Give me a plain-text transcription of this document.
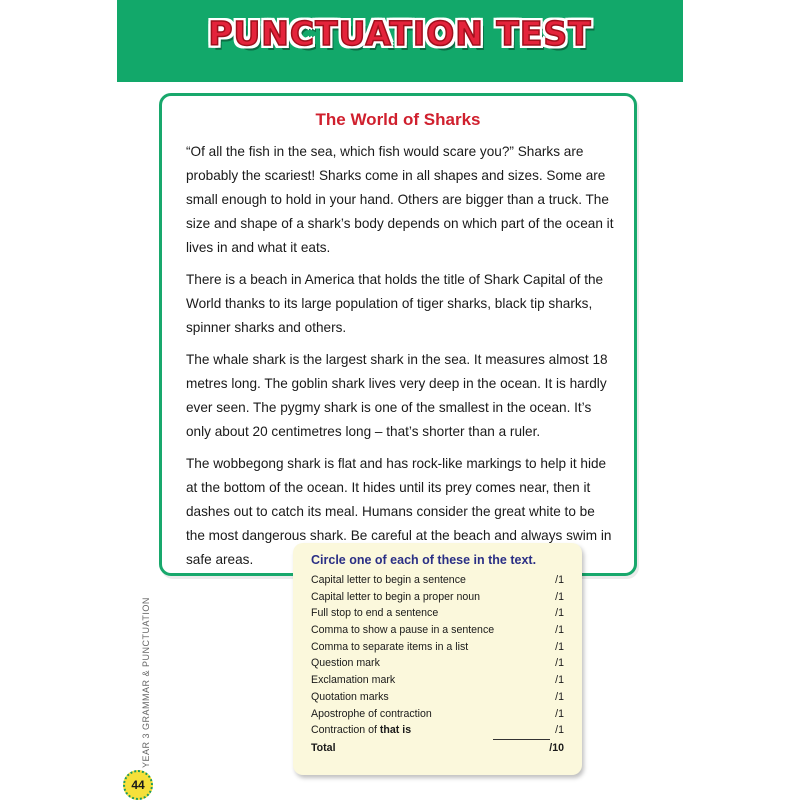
PUNCTUATION TEST
The World of Sharks

“Of all the fish in the sea, which fish would scare you?” Sharks are probably the scariest! Sharks come in all shapes and sizes. Some are small enough to hold in your hand. Others are bigger than a truck. The size and shape of a shark’s body depends on which part of the ocean it lives in and what it eats.

There is a beach in America that holds the title of Shark Capital of the World thanks to its large population of tiger sharks, black tip sharks, spinner sharks and others.

The whale shark is the largest shark in the sea. It measures almost 18 metres long. The goblin shark lives very deep in the ocean. It is hardly ever seen. The pygmy shark is one of the smallest in the ocean. It’s only about 20 centimetres long – that’s shorter than a ruler.

The wobbegong shark is flat and has rock-like markings to help it hide at the bottom of the ocean. It hides until its prey comes near, then it dashes out to catch its meal. Humans consider the great white to be the most dangerous shark. Be careful at the beach and always swim in safe areas.	Circle one of each of these in the text.
Capital letter to begin a sentence	/1
Capital letter to begin a proper noun	/1
Full stop to end a sentence	/1
Comma to show a pause in a sentence	/1
Comma to separate items in a list	/1
Question mark	/1
Exclamation mark	/1
Quotation marks	/1
Apostrophe of contraction	/1
Contraction of that is	/1
Total	/10
YEAR 3 GRAMMAR & PUNCTUATION
44
